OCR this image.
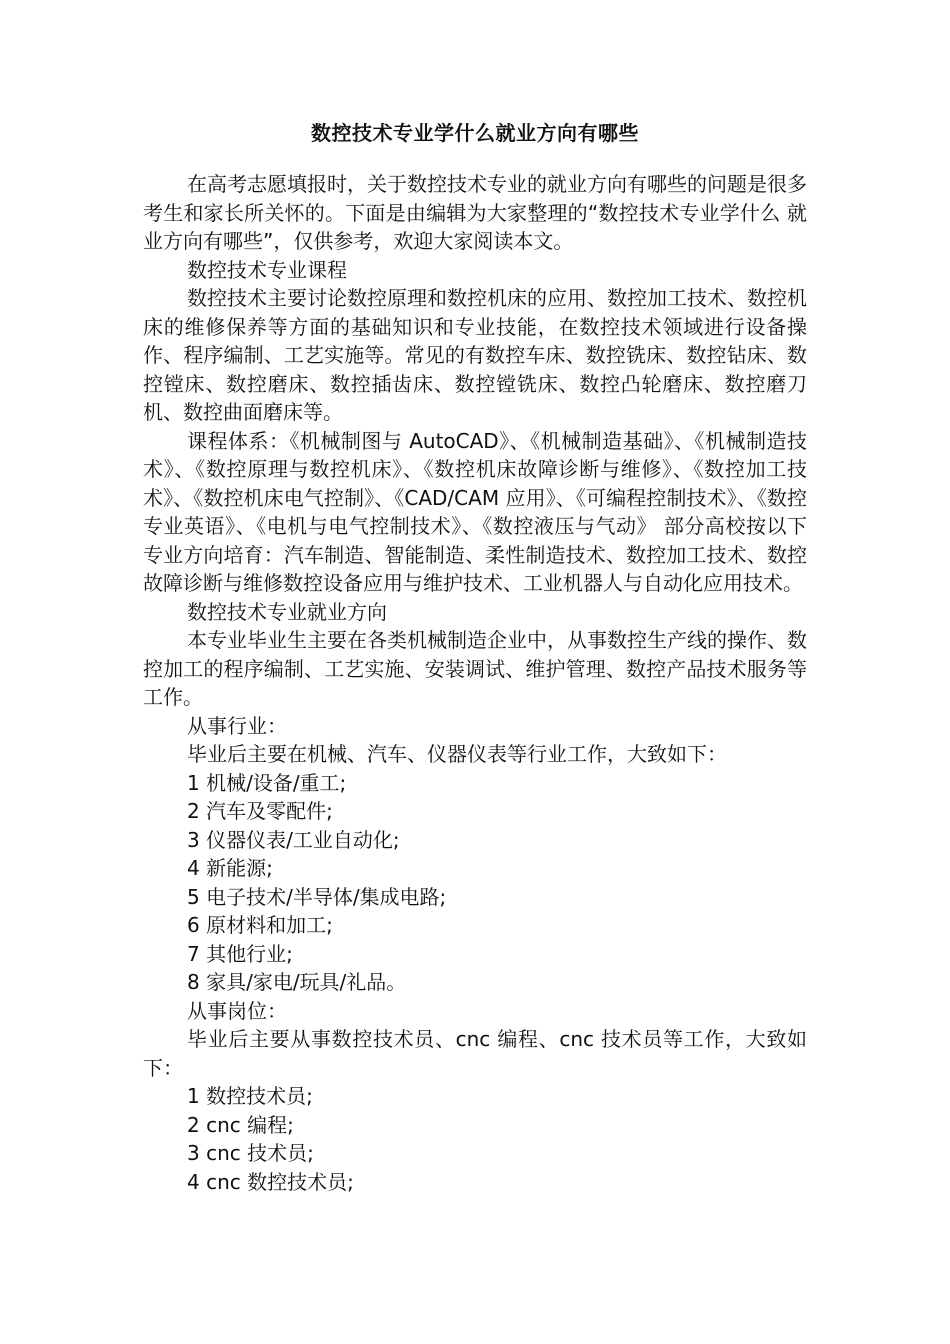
数控技术专业学什么就业方向有哪些

在高考志愿填报时，关于数控技术专业的就业方向有哪些的问题是很多考生和家长所关怀的。下面是由编辑为大家整理的“数控技术专业学什么 就业方向有哪些”，仅供参考，欢迎大家阅读本文。

数控技术专业课程

数控技术主要讨论数控原理和数控机床的应用、数控加工技术、数控机床的维修保养等方面的基础知识和专业技能，在数控技术领域进行设备操作、程序编制、工艺实施等。常见的有数控车床、数控铣床、数控钻床、数控镗床、数控磨床、数控插齿床、数控镗铣床、数控凸轮磨床、数控磨刀机、数控曲面磨床等。

课程体系：《机械制图与 AutoCAD》、《机械制造基础》、《机械制造技术》、《数控原理与数控机床》、《数控机床故障诊断与维修》、《数控加工技术》、《数控机床电气控制》、《CAD/CAM 应用》、《可编程控制技术》、《数控专业英语》、《电机与电气控制技术》、《数控液压与气动》 部分高校按以下专业方向培育：汽车制造、智能制造、柔性制造技术、数控加工技术、数控故障诊断与维修数控设备应用与维护技术、工业机器人与自动化应用技术。

数控技术专业就业方向

本专业毕业生主要在各类机械制造企业中，从事数控生产线的操作、数控加工的程序编制、工艺实施、安装调试、维护管理、数控产品技术服务等工作。

从事行业：

毕业后主要在机械、汽车、仪器仪表等行业工作，大致如下：

1 机械/设备/重工;

2 汽车及零配件;

3 仪器仪表/工业自动化;

4 新能源;

5 电子技术/半导体/集成电路;

6 原材料和加工;

7 其他行业;

8 家具/家电/玩具/礼品。

从事岗位：

毕业后主要从事数控技术员、cnc 编程、cnc 技术员等工作，大致如下：

1 数控技术员;

2 cnc 编程;

3 cnc 技术员;

4 cnc 数控技术员;
